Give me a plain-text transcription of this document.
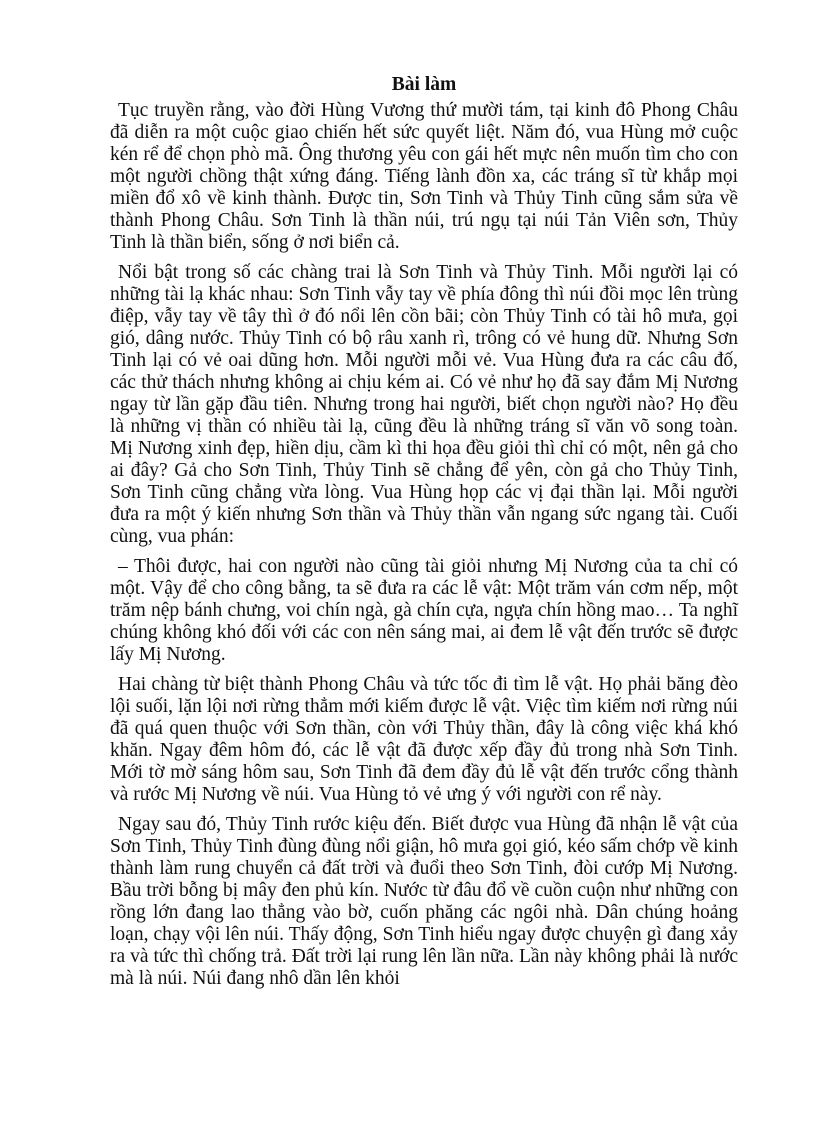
Bài làm

Tục truyền rằng, vào đời Hùng Vương thứ mười tám, tại kinh đô Phong Châu đã diễn ra một cuộc giao chiến hết sức quyết liệt. Năm đó, vua Hùng mở cuộc kén rể để chọn phò mã. Ông thương yêu con gái hết mực nên muốn tìm cho con một người chồng thật xứng đáng. Tiếng lành đồn xa, các tráng sĩ từ khắp mọi miền đổ xô về kinh thành. Được tin, Sơn Tinh và Thủy Tinh cũng sắm sửa về thành Phong Châu. Sơn Tinh là thần núi, trú ngụ tại núi Tản Viên sơn, Thủy Tinh là thần biển, sống ở nơi biển cả.

Nổi bật trong số các chàng trai là Sơn Tinh và Thủy Tinh. Mỗi người lại có những tài lạ khác nhau: Sơn Tinh vẫy tay về phía đông thì núi đồi mọc lên trùng điệp, vẫy tay về tây thì ở đó nổi lên cồn bãi; còn Thủy Tinh có tài hô mưa, gọi gió, dâng nước. Thủy Tinh có bộ râu xanh rì, trông có vẻ hung dữ. Nhưng Sơn Tinh lại có vẻ oai dũng hơn. Mỗi người mỗi vẻ. Vua Hùng đưa ra các câu đố, các thử thách nhưng không ai chịu kém ai. Có vẻ như họ đã say đắm Mị Nương ngay từ lần gặp đầu tiên. Nhưng trong hai người, biết chọn người nào? Họ đều là những vị thần có nhiều tài lạ, cũng đều là những tráng sĩ văn võ song toàn. Mị Nương xinh đẹp, hiền dịu, cầm kì thi họa đều giỏi thì chỉ có một, nên gả cho ai đây? Gả cho Sơn Tinh, Thủy Tinh sẽ chẳng để yên, còn gả cho Thủy Tinh, Sơn Tinh cũng chẳng vừa lòng. Vua Hùng họp các vị đại thần lại. Mỗi người đưa ra một ý kiến nhưng Sơn thần và Thủy thần vẫn ngang sức ngang tài. Cuối cùng, vua phán:

– Thôi được, hai con người nào cũng tài giỏi nhưng Mị Nương của ta chỉ có một. Vậy để cho công bằng, ta sẽ đưa ra các lễ vật: Một trăm ván cơm nếp, một trăm nệp bánh chưng, voi chín ngà, gà chín cựa, ngựa chín hồng mao… Ta nghĩ chúng không khó đối với các con nên sáng mai, ai đem lễ vật đến trước sẽ được lấy Mị Nương.

Hai chàng từ biệt thành Phong Châu và tức tốc đi tìm lễ vật. Họ phải băng đèo lội suối, lặn lội nơi rừng thẳm mới kiếm được lễ vật. Việc tìm kiếm nơi rừng núi đã quá quen thuộc với Sơn thần, còn với Thủy thần, đây là công việc khá khó khăn. Ngay đêm hôm đó, các lễ vật đã được xếp đầy đủ trong nhà Sơn Tinh. Mới tờ mờ sáng hôm sau, Sơn Tinh đã đem đầy đủ lễ vật đến trước cổng thành và rước Mị Nương về núi. Vua Hùng tỏ vẻ ưng ý với người con rể này.

Ngay sau đó, Thủy Tinh rước kiệu đến. Biết được vua Hùng đã nhận lễ vật của Sơn Tinh, Thủy Tinh đùng đùng nổi giận, hô mưa gọi gió, kéo sấm chớp về kinh thành làm rung chuyển cả đất trời và đuổi theo Sơn Tinh, đòi cướp Mị Nương. Bầu trời bỗng bị mây đen phủ kín. Nước từ đâu đổ về cuồn cuộn như những con rồng lớn đang lao thẳng vào bờ, cuốn phăng các ngôi nhà. Dân chúng hoảng loạn, chạy vội lên núi. Thấy động, Sơn Tinh hiểu ngay được chuyện gì đang xảy ra và tức thì chống trả. Đất trời lại rung lên lần nữa. Lần này không phải là nước mà là núi. Núi đang nhô dần lên khỏi
